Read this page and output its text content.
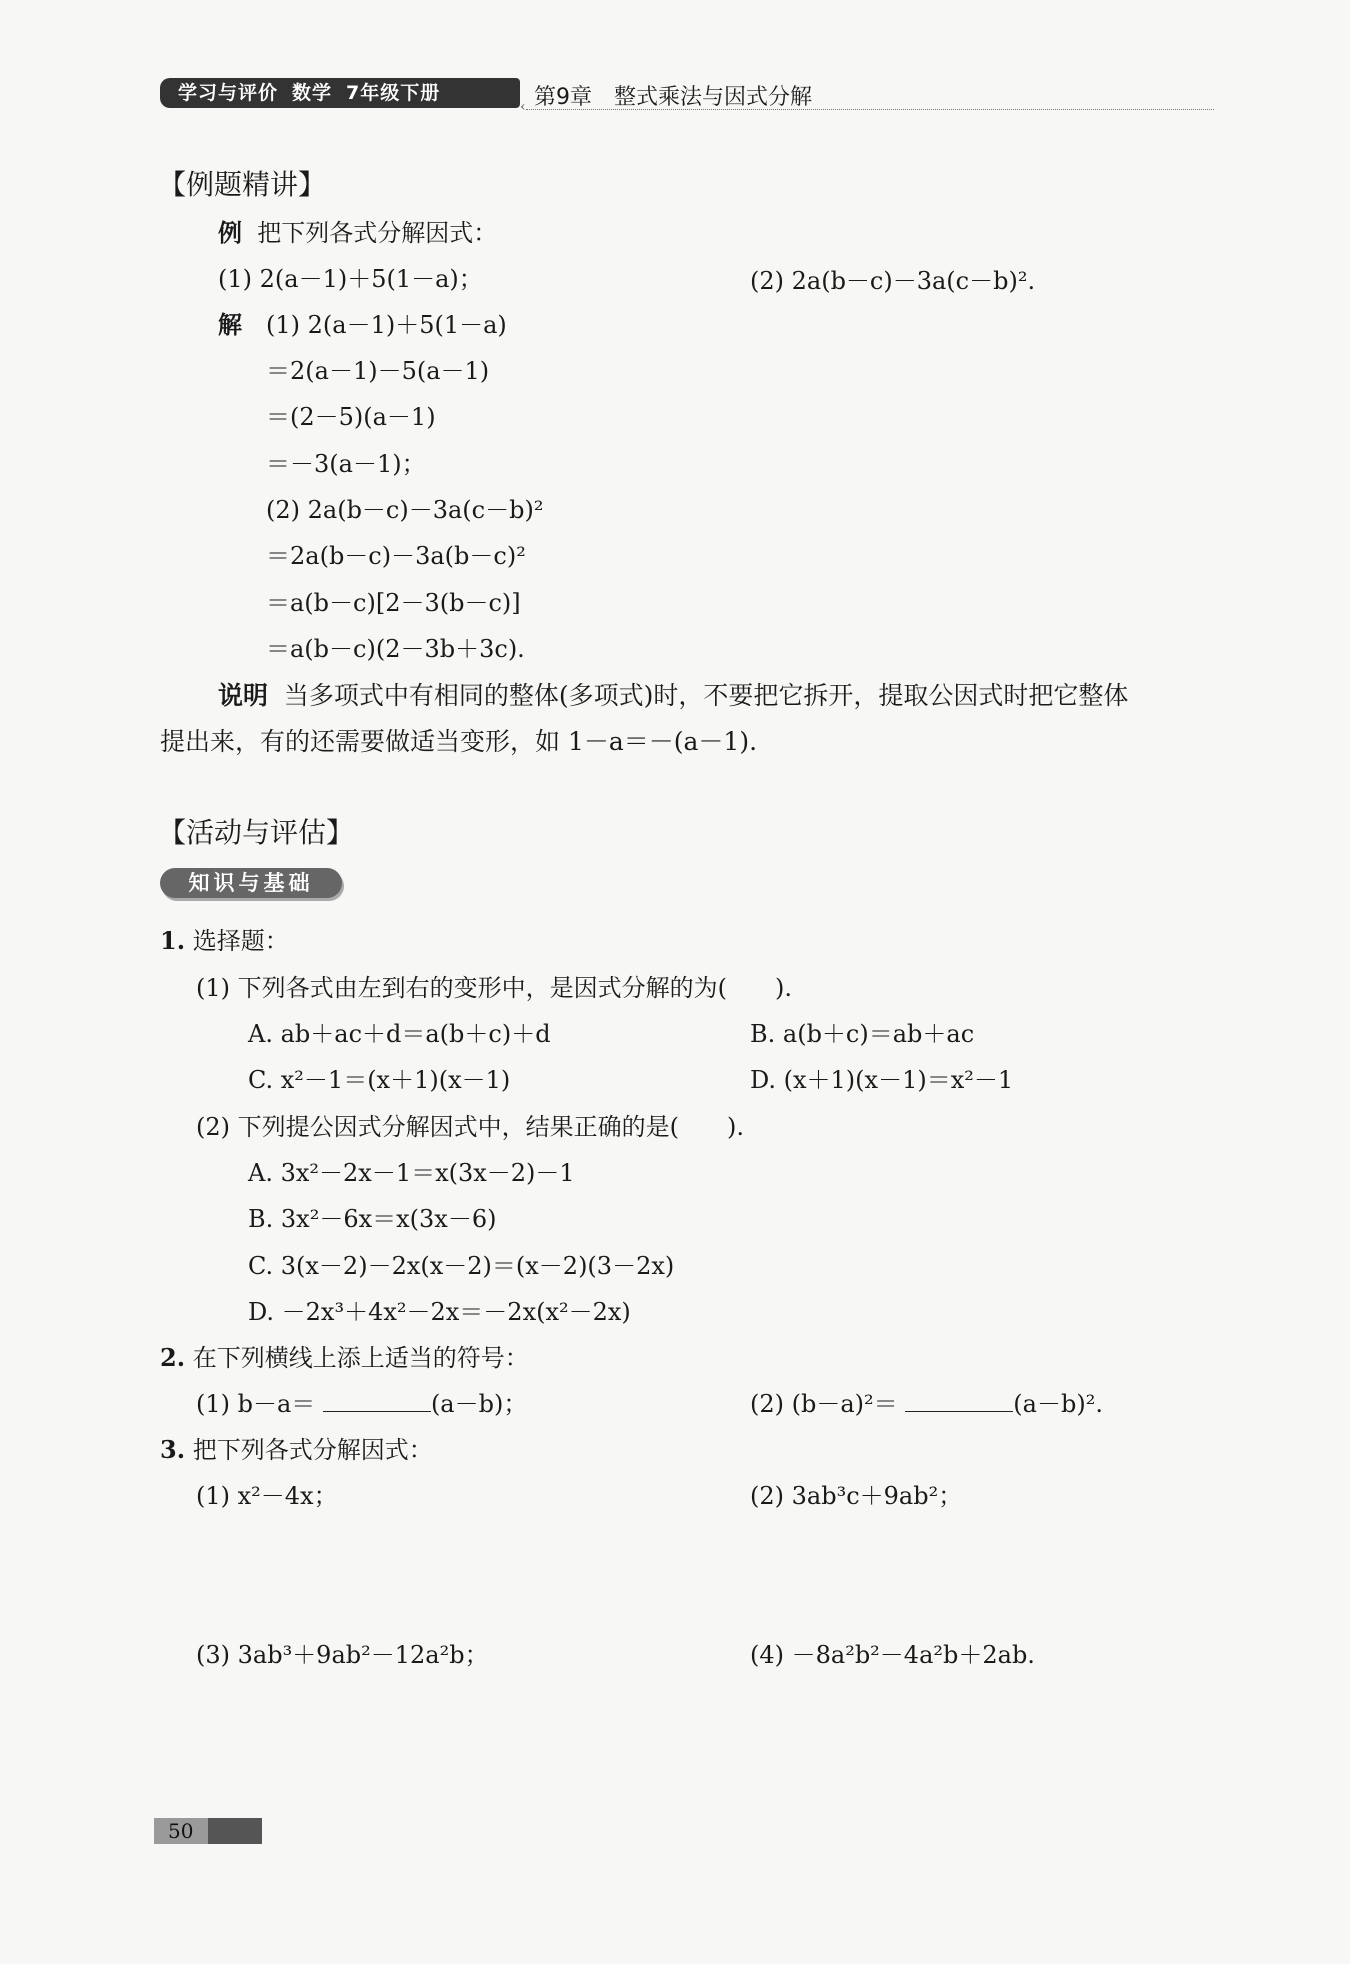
学习与评价 数学 7年级下册
‹ 第9章 整式乘法与因式分解
【例题精讲】
例 把下列各式分解因式：
(1) 2(a－1)＋5(1－a)；	(2) 2a(b－c)－3a(c－b)².
解 (1) 2(a－1)＋5(1－a)
＝2(a－1)－5(a－1)
＝(2－5)(a－1)
＝－3(a－1)；
(2) 2a(b－c)－3a(c－b)²
＝2a(b－c)－3a(b－c)²
＝a(b－c)[2－3(b－c)]
＝a(b－c)(2－3b＋3c).
说明 当多项式中有相同的整体(多项式)时，不要把它拆开，提取公因式时把它整体
提出来，有的还需要做适当变形，如 1－a＝－(a－1).
【活动与评估】
知识与基础
1. 选择题：
(1) 下列各式由左到右的变形中，是因式分解的为(　　).
A. ab＋ac＋d＝a(b＋c)＋d	B. a(b＋c)＝ab＋ac
C. x²－1＝(x＋1)(x－1)	D. (x＋1)(x－1)＝x²－1
(2) 下列提公因式分解因式中，结果正确的是(　　).
A. 3x²－2x－1＝x(3x－2)－1
B. 3x²－6x＝x(3x－6)
C. 3(x－2)－2x(x－2)＝(x－2)(3－2x)
D. －2x³＋4x²－2x＝－2x(x²－2x)
2. 在下列横线上添上适当的符号：
(1) b－a＝	(a－b)；	(2) (b－a)²＝	(a－b)².
3. 把下列各式分解因式：
(1) x²－4x；	(2) 3ab³c＋9ab²；
(3) 3ab³＋9ab²－12a²b；	(4) －8a²b²－4a²b＋2ab.
50
